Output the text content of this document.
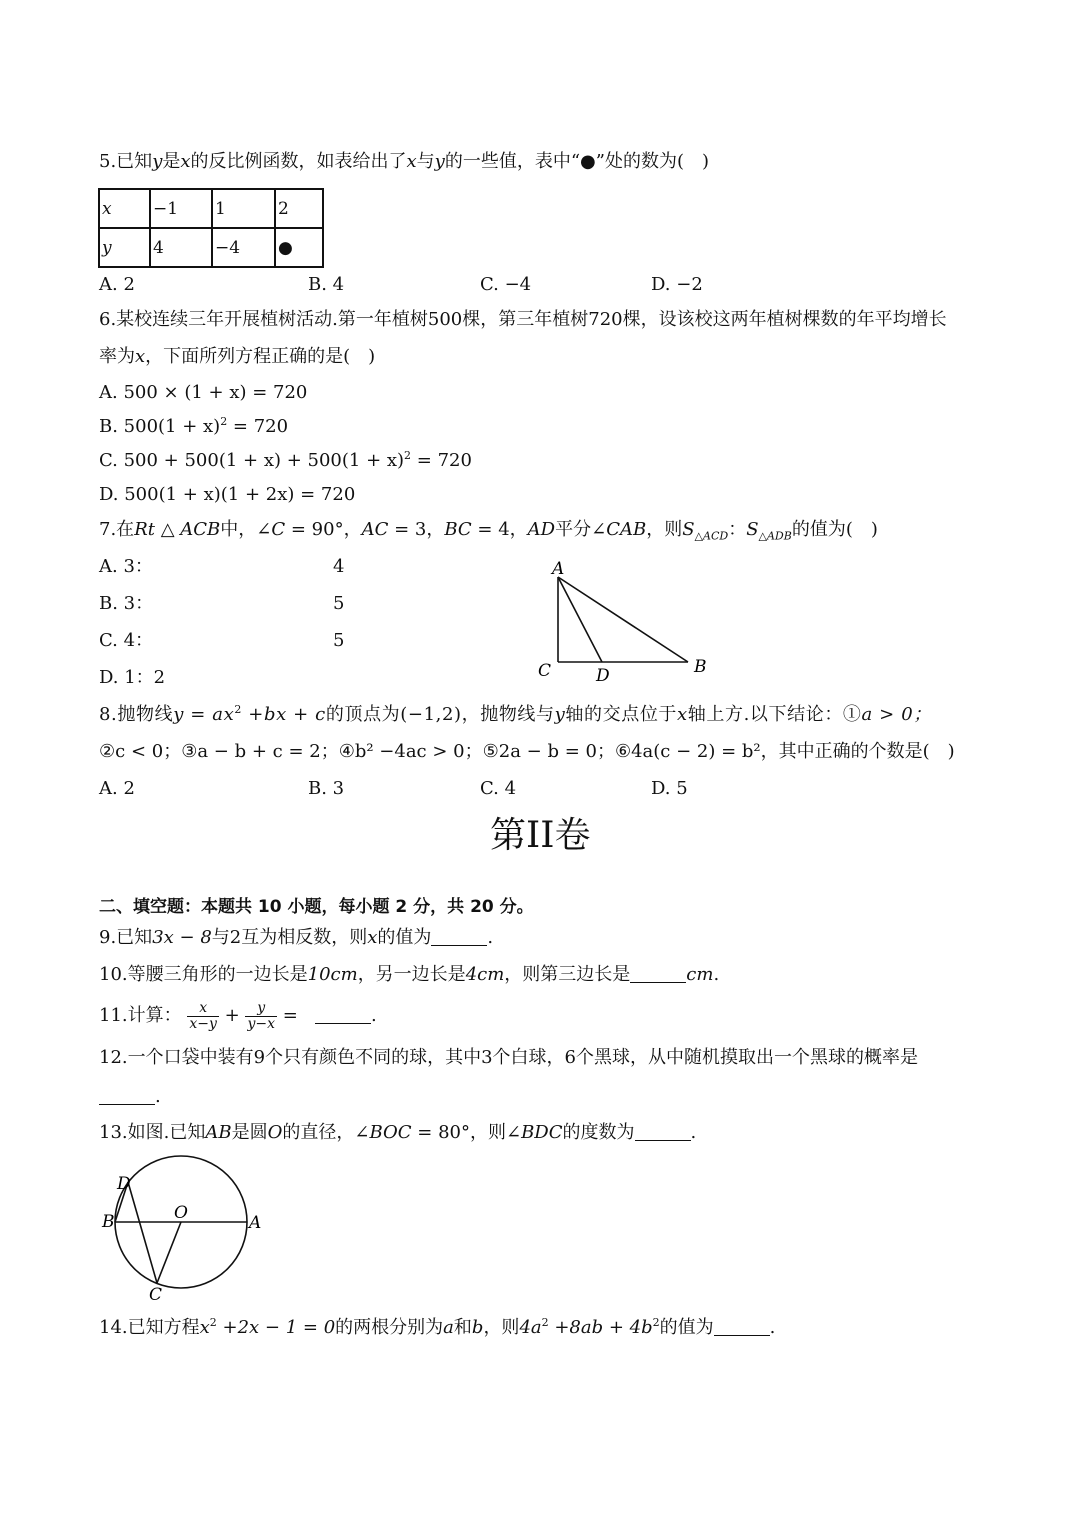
5.已知y是x的反比例函数，如表给出了x与y的一些值，表中“●”处的数为(　)
x	−1	1	2
y	4	−4	●
A. 2	B. 4	C. −4	D. −2
6.某校连续三年开展植树活动.第一年植树500棵，第三年植树720棵，设该校这两年植树棵数的年平均增长
率为x，下面所列方程正确的是(　)
A. 500 × (1 + x) = 720
B. $500(1 + x)^2 = 720$
C. $500 + 500(1 + x) + 500(1 + x)^2 = 720$
D. 500(1 + x)(1 + 2x) = 720
7.在Rt △ ACB中，∠C = 90°，AC = 3，BC = 4，AD平分∠CAB，则$S_{\triangle ACD}$：$S_{\triangle ADB}$的值为(　)
A. 3：	4
B. 3：	5
C. 4：	5
D. 1：2
A
C	D	B
8.抛物线$y = ax^2 +bx + c$的顶点为(−1,2)，抛物线与y轴的交点位于x轴上方.以下结论：①a > 0；
②c < 0；③a − b + c = 2；④b² −4ac > 0；⑤2a − b = 0；⑥4a(c − 2) = b²，其中正确的个数是(　)
A. 2	B. 3	C. 4	D. 5
第II卷
二、填空题：本题共 10 小题，每小题 2 分，共 20 分。
9.已知3x − 8与2互为相反数，则x的值为	.
10.等腰三角形的一边长是10cm，另一边长是4cm，则第三边长是	cm.
11.计算： $\frac{x}{x-y} + \frac{y}{y-x}$ =	.
12.一个口袋中装有9个只有颜色不同的球，其中3个白球，6个黑球，从中随机摸取出一个黑球的概率是
.
13.如图.已知AB是圆O的直径，∠BOC = 80°，则∠BDC的度数为	.
D
B	O	A
C
14.已知方程$x^2 +2x - 1 = 0$的两根分别为a和b，则$4a^2 +8ab + 4b^2$的值为	.
